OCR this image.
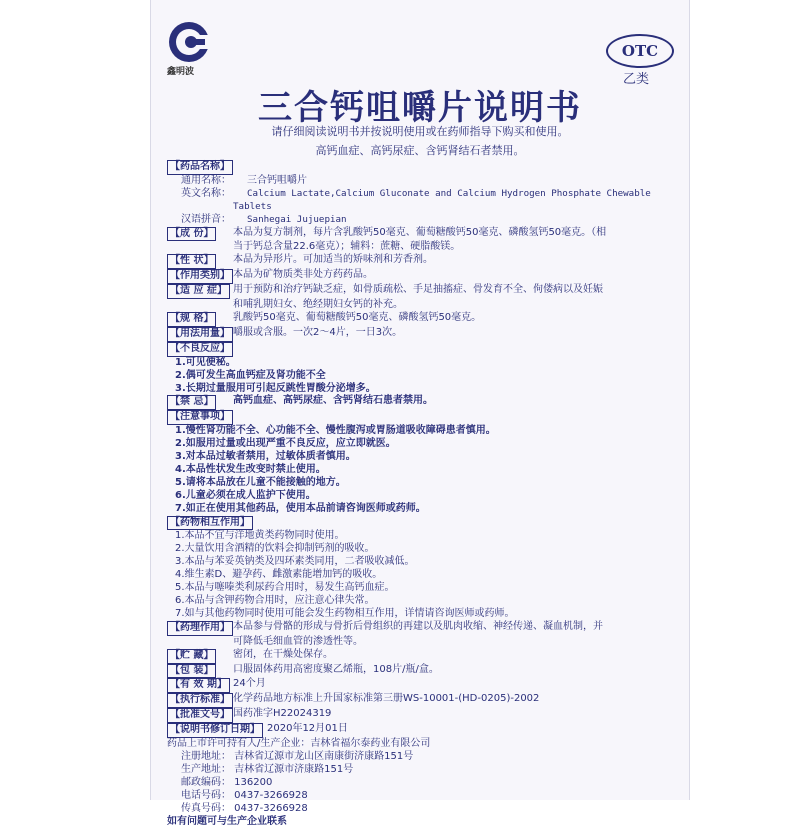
鑫明波
OTC
乙类
三合钙咀嚼片说明书
请仔细阅读说明书并按说明使用或在药师指导下购买和使用。
高钙血症、高钙尿症、含钙肾结石者禁用。
【药品名称】
通用名称：	三合钙咀嚼片
英文名称：	Calcium Lactate,Calcium Gluconate and Calcium Hydrogen Phosphate Chewable
Tablets
汉语拼音：	Sanhegai Jujuepian
【成 份】	本品为复方制剂，每片含乳酸钙50毫克、葡萄糖酸钙50毫克、磷酸氢钙50毫克。（相
当于钙总含量22.6毫克）；辅料：蔗糖、硬脂酸镁。
【性 状】	本品为异形片。可加适当的矫味剂和芳香剂。
【作用类别】 本品为矿物质类非处方药药品。
【适 应 症】 用于预防和治疗钙缺乏症，如骨质疏松、手足抽搐症、骨发育不全、佝偻病以及妊娠
和哺乳期妇女、绝经期妇女钙的补充。
【规 格】	乳酸钙50毫克、葡萄糖酸钙50毫克、磷酸氢钙50毫克。
【用法用量】 嚼服或含服。一次2～4片，一日3次。
【不良反应】
1.可见便秘。
2.偶可发生高血钙症及肾功能不全
3.长期过量服用可引起反跳性胃酸分泌增多。
【禁 忌】	高钙血症、高钙尿症、含钙肾结石患者禁用。
【注意事项】
1.慢性肾功能不全、心功能不全、慢性腹泻或胃肠道吸收障碍患者慎用。
2.如服用过量或出现严重不良反应，应立即就医。
3.对本品过敏者禁用，过敏体质者慎用。
4.本品性状发生改变时禁止使用。
5.请将本品放在儿童不能接触的地方。
6.儿童必须在成人监护下使用。
7.如正在使用其他药品，使用本品前请咨询医师或药师。
【药物相互作用】
1.本品不宜与洋地黄类药物同时使用。
2.大量饮用含酒精的饮料会抑制钙剂的吸收。
3.本品与苯妥英钠类及四环素类同用，二者吸收减低。
4.维生素D、避孕药、雌激素能增加钙的吸收。
5.本品与噻嗪类利尿药合用时，易发生高钙血症。
6.本品与含钾药物合用时，应注意心律失常。
7.如与其他药物同时使用可能会发生药物相互作用，详情请咨询医师或药师。
【药理作用】 本品参与骨骼的形成与骨折后骨组织的再建以及肌肉收缩、神经传递、凝血机制，并
可降低毛细血管的渗透性等。
【贮 藏】	密闭，在干燥处保存。
【包 装】	口服固体药用高密度聚乙烯瓶，108片/瓶/盒。
【有 效 期】 24个月
【执行标准】 化学药品地方标准上升国家标准第三册WS-10001-(HD-0205)-2002
【批准文号】 国药准字H22024319
【说明书修订日期】 2020年12月01日
药品上市许可持有人/生产企业：吉林省福尔泰药业有限公司
注册地址： 吉林省辽源市龙山区南康街济康路151号
生产地址： 吉林省辽源市济康路151号
邮政编码： 136200
电话号码： 0437-3266928
传真号码： 0437-3266928
如有问题可与生产企业联系
